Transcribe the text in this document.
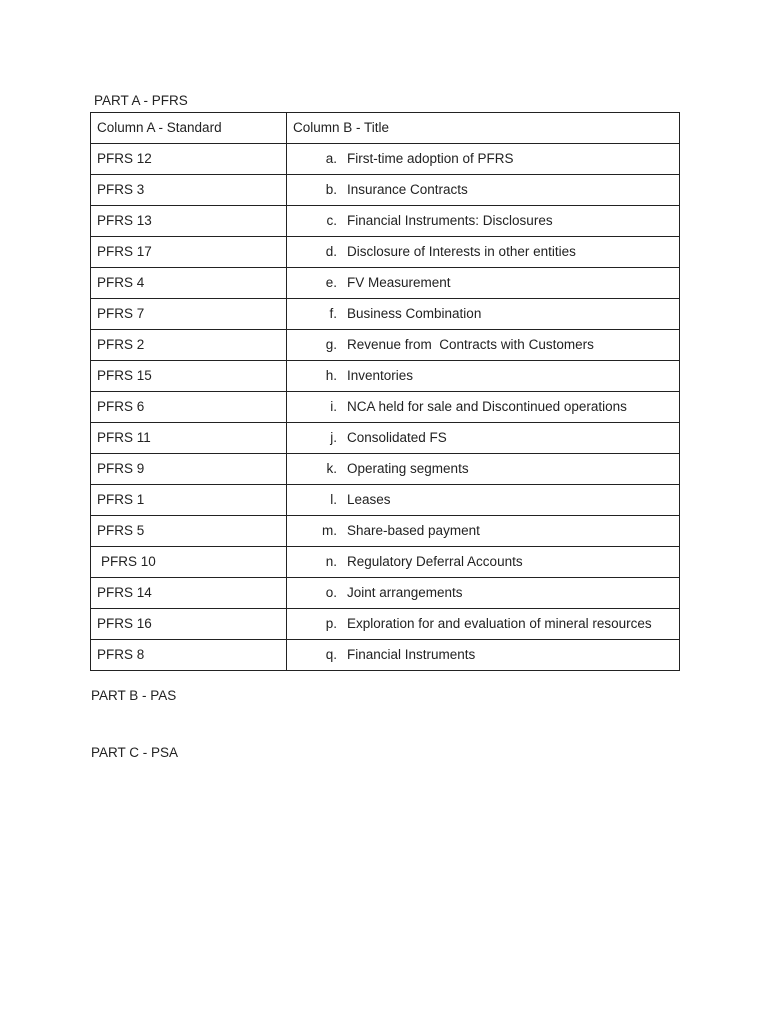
PART A - PFRS
Column A - Standard	Column B - Title
PFRS 12	a. First-time adoption of PFRS
PFRS 3	b. Insurance Contracts
PFRS 13	c. Financial Instruments: Disclosures
PFRS 17	d. Disclosure of Interests in other entities
PFRS 4	e. FV Measurement
PFRS 7	f. Business Combination
PFRS 2	g. Revenue from  Contracts with Customers
PFRS 15	h. Inventories
PFRS 6	i. NCA held for sale and Discontinued operations
PFRS 11	j. Consolidated FS
PFRS 9	k. Operating segments
PFRS 1	l. Leases
PFRS 5	m. Share-based payment
PFRS 10	n. Regulatory Deferral Accounts
PFRS 14	o. Joint arrangements
PFRS 16	p. Exploration for and evaluation of mineral resources
PFRS 8	q. Financial Instruments
PART B - PAS
PART C - PSA
